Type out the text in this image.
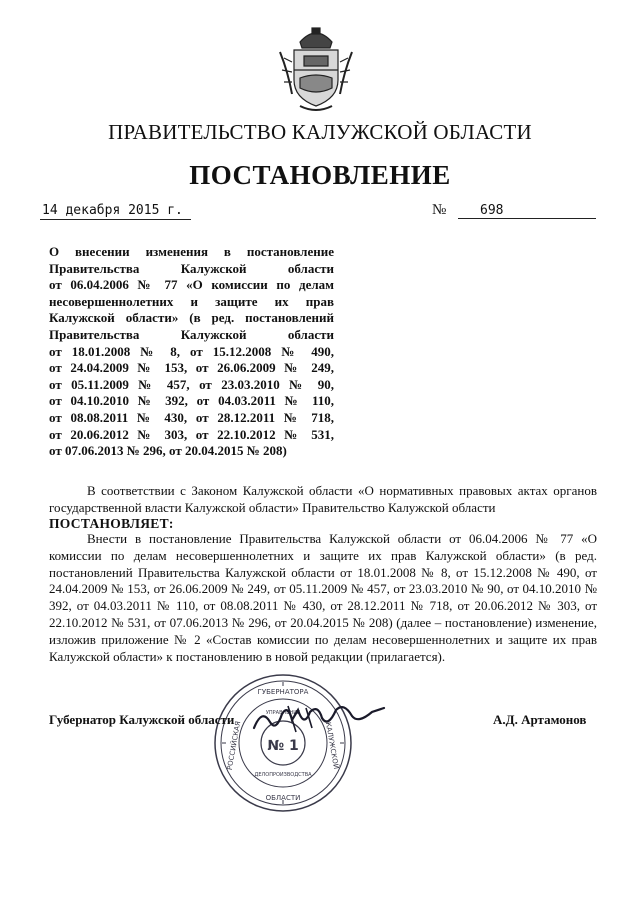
ПРАВИТЕЛЬСТВО КАЛУЖСКОЙ ОБЛАСТИ
ПОСТАНОВЛЕНИЕ
14 декабря 2015 г.	№	698
О внесении изменения в постановление
Правительства Калужской области
от 06.04.2006 № 77 «О комиссии по делам
несовершеннолетних и защите их прав
Калужской области» (в ред. постановлений
Правительства Калужской области
от 18.01.2008 № 8, от 15.12.2008 № 490,
от 24.04.2009 № 153, от 26.06.2009 № 249,
от 05.11.2009 № 457, от 23.03.2010 № 90,
от 04.10.2010 № 392, от 04.03.2011 № 110,
от 08.08.2011 № 430, от 28.12.2011 № 718,
от 20.06.2012 № 303, от 22.10.2012 № 531,
от 07.06.2013 № 296, от 20.04.2015 № 208)
В соответствии с Законом Калужской области «О нормативных правовых актах органов государственной власти Калужской области» Правительство Калужской области
ПОСТАНОВЛЯЕТ:
Внести в постановление Правительства Калужской области от 06.04.2006 № 77 «О комиссии по делам несовершеннолетних и защите их прав Калужской области» (в ред. постановлений Правительства Калужской области от 18.01.2008 № 8, от 15.12.2008 № 490, от 24.04.2009 № 153, от 26.06.2009 № 249, от 05.11.2009 № 457, от 23.03.2010 № 90, от 04.10.2010 № 392, от 04.03.2011 № 110, от 08.08.2011 № 430, от 28.12.2011 № 718, от 20.06.2012 № 303, от 22.10.2012 № 531, от 07.06.2013 № 296, от 20.04.2015 № 208) (далее – постановление) изменение, изложив приложение № 2 «Состав комиссии по делам несовершеннолетних и защите их прав Калужской области» к постановлению в новой редакции (прилагается).
ГУБЕРНАТОРА
ОБЛАСТИ
РОССИЙСКАЯ	КАЛУЖСКОЙ
УПРАВЛЕНИЕ
ДЕЛОПРОИЗВОДСТВА
№ 1
Губернатор Калужской области	А.Д. Артамонов
